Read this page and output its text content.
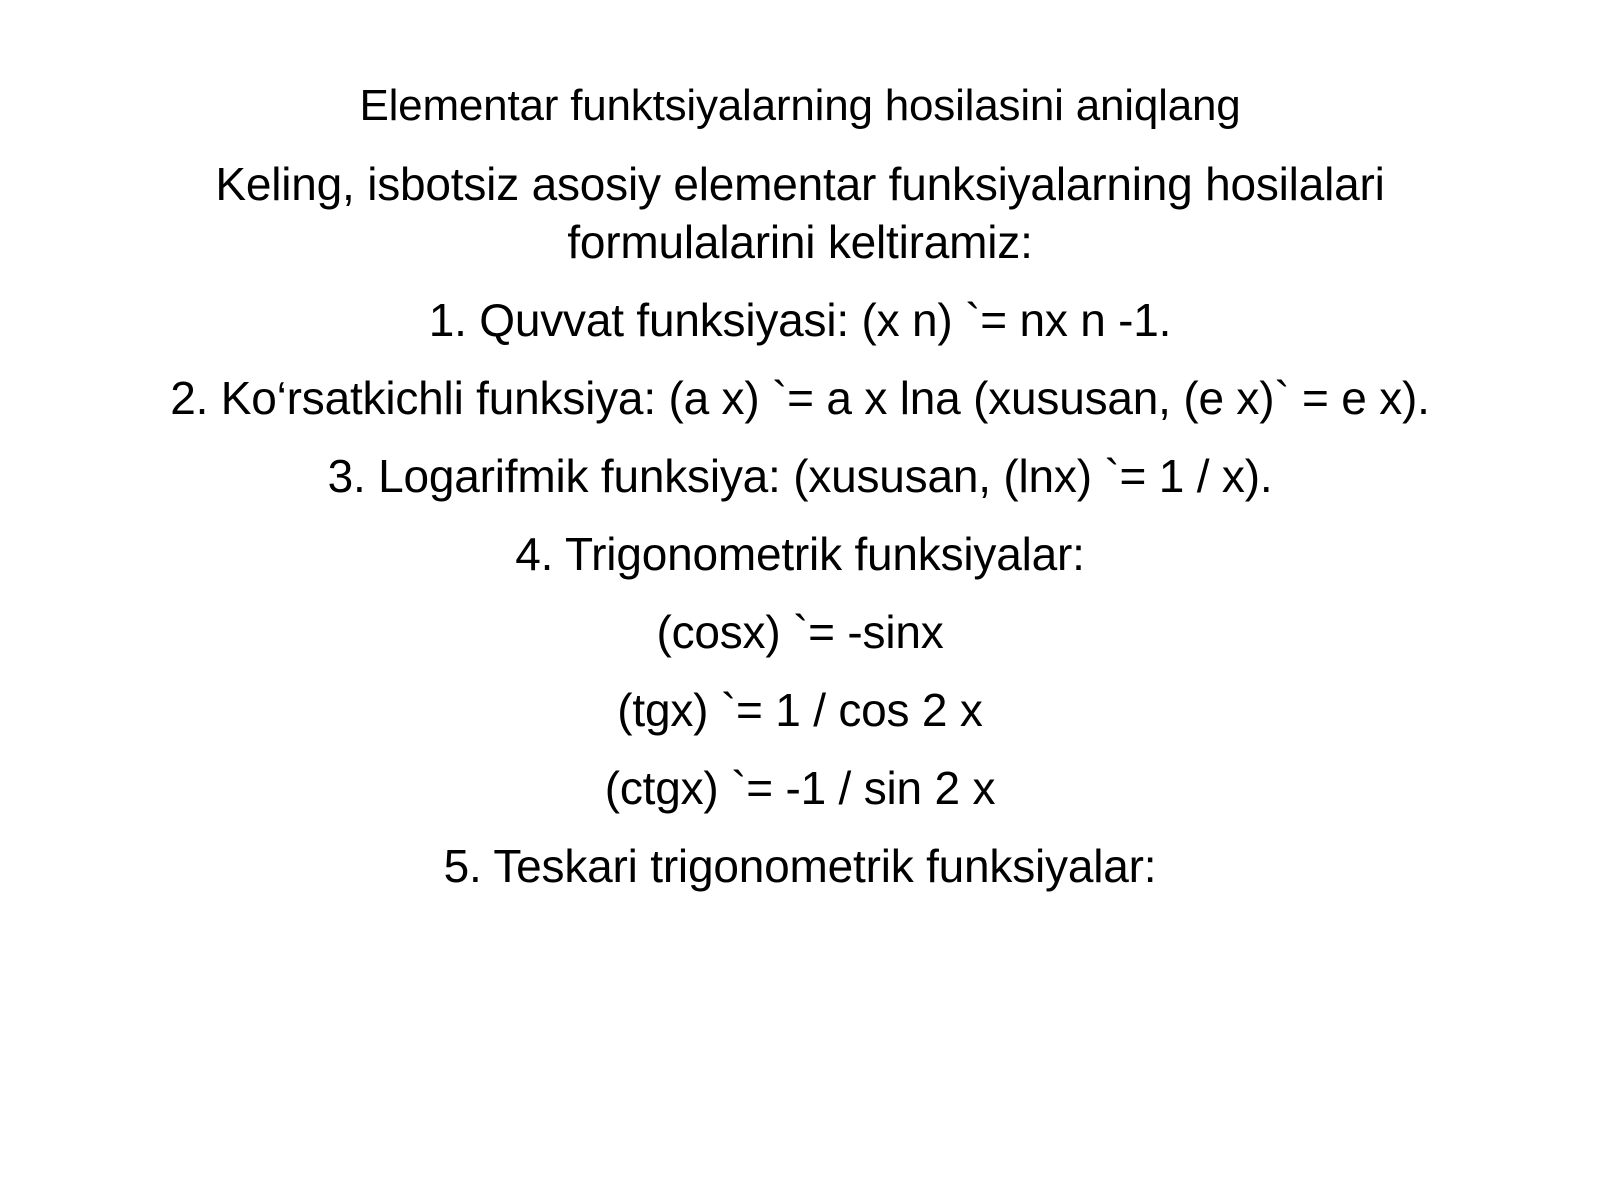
Elementar funktsiyalarning hosilasini aniqlang
Keling, isbotsiz asosiy elementar funksiyalarning hosilalari
formulalarini keltiramiz:
1. Quvvat funksiyasi: (x n) `= nx n -1.
2. Ko‘rsatkichli funksiya: (a x) `= a x lna (xususan, (e x)` = e x).
3. Logarifmik funksiya: (xususan, (lnx) `= 1 / x).
4. Trigonometrik funksiyalar:
(cosx) `= -sinx
(tgx) `= 1 / cos 2 x
(ctgx) `= -1 / sin 2 x
5. Teskari trigonometrik funksiyalar:
